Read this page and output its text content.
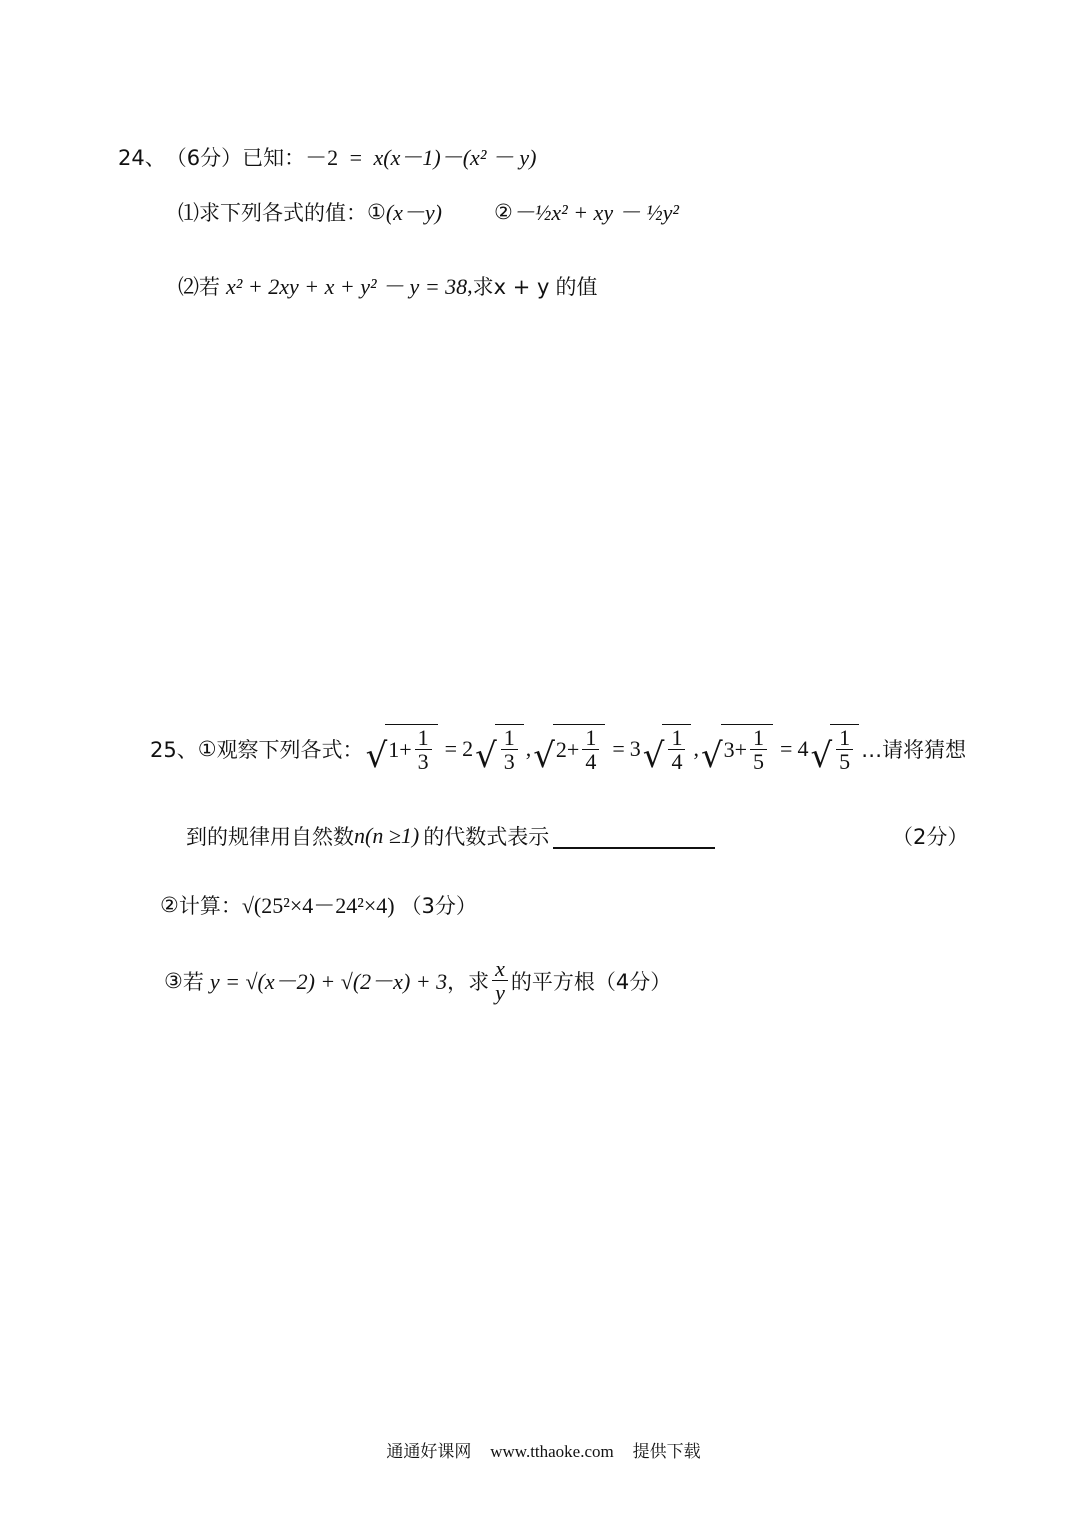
24、 （6分） 已知： －2 = x(x－1)－(x² － y)
⑴ 求下列各式的值： ① (x－y) ② －½x² + xy － ½y²
⑵ 若 x² + 2xy + x + y² － y = 38 , 求x + y 的值
25、 ① 观察下列各式： √ $1 + \frac{1}{3} = 2$ √ $\frac{1}{3}$ , √ $2 + \frac{1}{4} = 3$ √ $\frac{1}{4}$ , √ $3 + \frac{1}{5} = 4$ √ $\frac{1}{5}$ …请将猜想
到的规律用自然数 n(n ≥1) 的代数式表示	（2分）
② 计算： √(25²×4－24²×4) （3分）
③ 若 y = √(x－2) + √(2－x) + 3 ，求 $\frac{x}{y}$ 的平方根 （4分）
通通好课网 www.tthaoke.com 提供下载
